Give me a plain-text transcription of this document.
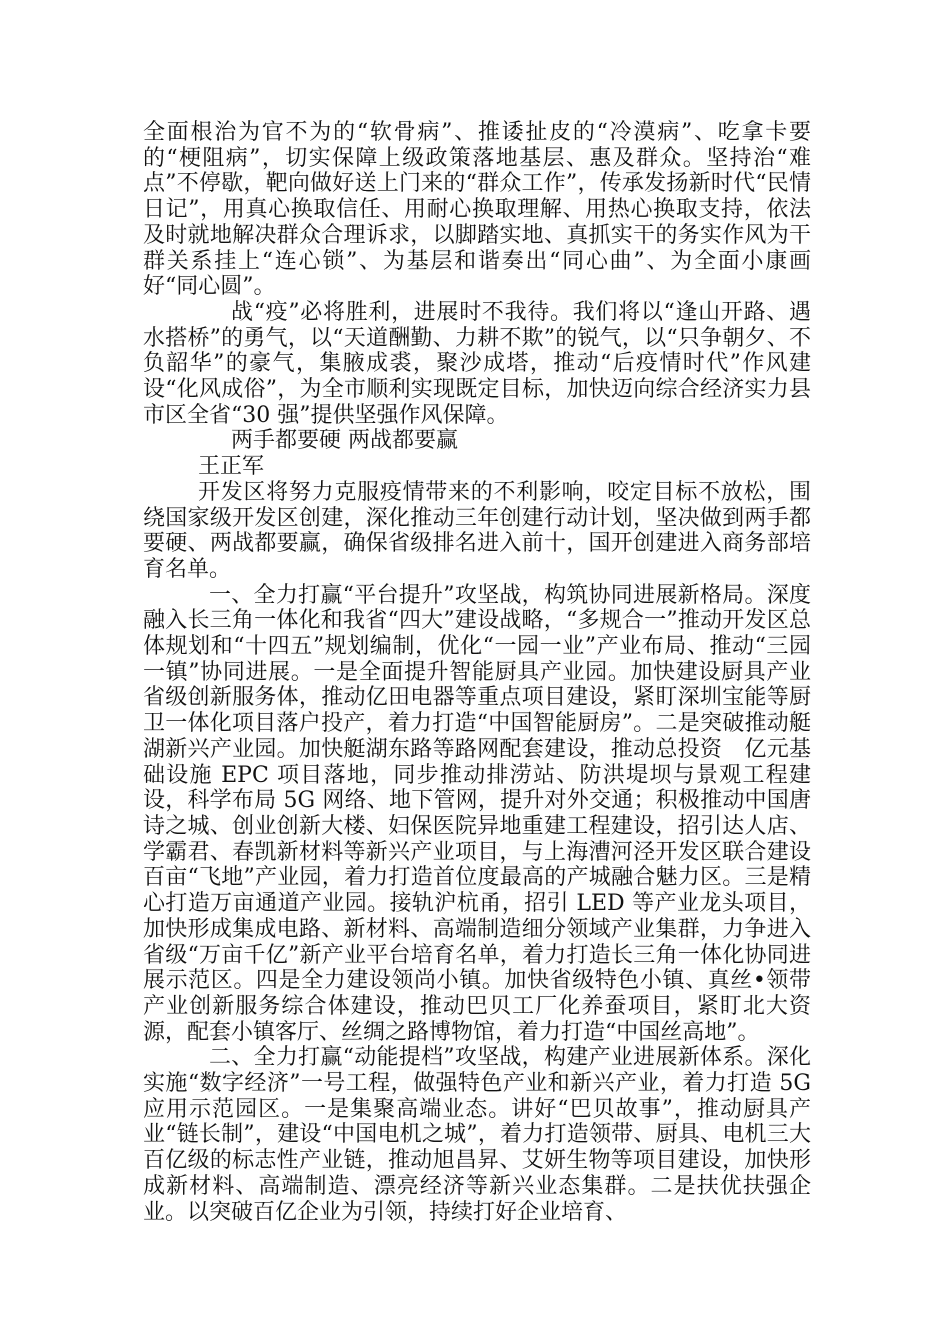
全面根治为官不为的“软骨病”、推诿扯皮的“冷漠病”、吃拿卡要的“梗阻病”，切实保障上级政策落地基层、惠及群众。坚持治“难点”不停歇，靶向做好送上门来的“群众工作”，传承发扬新时代“民情日记”，用真心换取信任、用耐心换取理解、用热心换取支持，依法及时就地解决群众合理诉求，以脚踏实地、真抓实干的务实作风为干群关系挂上“连心锁”、为基层和谐奏出“同心曲”、为全面小康画好“同心圆”。

战“疫”必将胜利，进展时不我待。我们将以“逢山开路、遇水搭桥”的勇气，以“天道酬勤、力耕不欺”的锐气，以“只争朝夕、不负韶华”的豪气，集腋成裘，聚沙成塔，推动“后疫情时代”作风建设“化风成俗”，为全市顺利实现既定目标，加快迈向综合经济实力县市区全省“30 强”提供坚强作风保障。

两手都要硬 两战都要赢

王正军

开发区将努力克服疫情带来的不利影响，咬定目标不放松，围绕国家级开发区创建，深化推动三年创建行动计划，坚决做到两手都要硬、两战都要赢，确保省级排名进入前十，国开创建进入商务部培育名单。

一、全力打赢“平台提升”攻坚战，构筑协同进展新格局。深度融入长三角一体化和我省“四大”建设战略，“多规合一”推动开发区总体规划和“十四五”规划编制，优化“一园一业”产业布局、推动“三园一镇”协同进展。一是全面提升智能厨具产业园。加快建设厨具产业省级创新服务体，推动亿田电器等重点项目建设，紧盯深圳宝能等厨卫一体化项目落户投产，着力打造“中国智能厨房”。二是突破推动艇湖新兴产业园。加快艇湖东路等路网配套建设，推动总投资　亿元基础设施 EPC 项目落地，同步推动排涝站、防洪堤坝与景观工程建设，科学布局 5G 网络、地下管网，提升对外交通；积极推动中国唐诗之城、创业创新大楼、妇保医院异地重建工程建设，招引达人店、学霸君、春凯新材料等新兴产业项目，与上海漕河泾开发区联合建设百亩“飞地”产业园，着力打造首位度最高的产城融合魅力区。三是精心打造万亩通道产业园。接轨沪杭甬，招引 LED 等产业龙头项目，加快形成集成电路、新材料、高端制造细分领域产业集群，力争进入省级“万亩千亿”新产业平台培育名单，着力打造长三角一体化协同进展示范区。四是全力建设领尚小镇。加快省级特色小镇、真丝•领带产业创新服务综合体建设，推动巴贝工厂化养蚕项目，紧盯北大资源，配套小镇客厅、丝绸之路博物馆，着力打造“中国丝高地”。

二、全力打赢“动能提档”攻坚战，构建产业进展新体系。深化实施“数字经济”一号工程，做强特色产业和新兴产业，着力打造 5G 应用示范园区。一是集聚高端业态。讲好“巴贝故事”，推动厨具产业“链长制”，建设“中国电机之城”，着力打造领带、厨具、电机三大百亿级的标志性产业链，推动旭昌昇、艾妍生物等项目建设，加快形成新材料、高端制造、漂亮经济等新兴业态集群。二是扶优扶强企业。以突破百亿企业为引领，持续打好企业培育、
